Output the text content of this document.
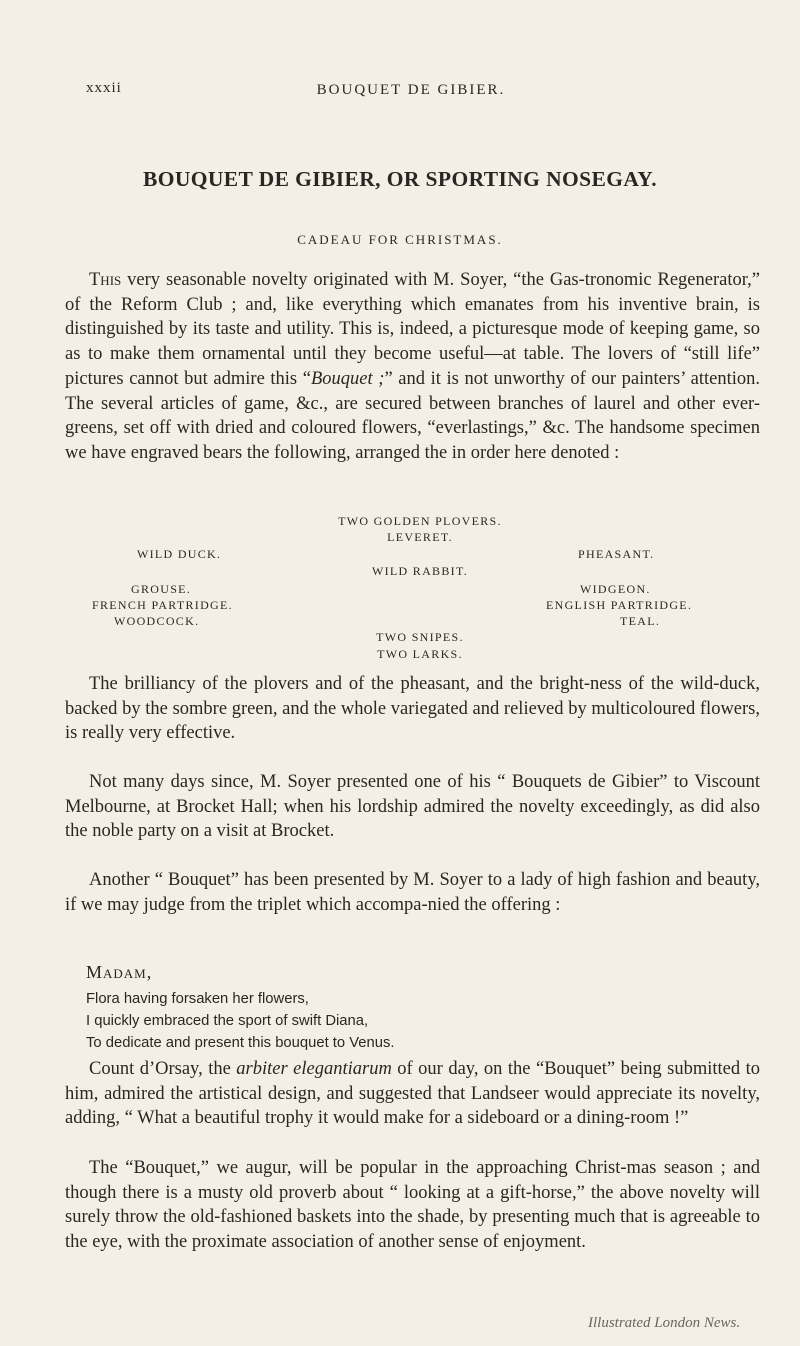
xxxii	BOUQUET DE GIBIER.
BOUQUET DE GIBIER, OR SPORTING NOSEGAY.
CADEAU FOR CHRISTMAS.

This very seasonable novelty originated with M. Soyer, “the Gas-tronomic Regenerator,” of the Reform Club ; and, like everything which emanates from his inventive brain, is distinguished by its taste and utility. This is, indeed, a picturesque mode of keeping game, so as to make them ornamental until they become useful—at table. The lovers of “still life” pictures cannot but admire this “Bouquet ;” and it is not unworthy of our painters’ attention. The several articles of game, &c., are secured between branches of laurel and other ever-greens, set off with dried and coloured flowers, “everlastings,” &c. The handsome specimen we have engraved bears the following, arranged the in order here denoted :

TWO GOLDEN PLOVERS.
LEVERET.
WILD DUCK.	PHEASANT.
WILD RABBIT.
GROUSE.	WIDGEON.
FRENCH PARTRIDGE.	ENGLISH PARTRIDGE.
WOODCOCK.	TEAL.
TWO SNIPES.
TWO LARKS.

The brilliancy of the plovers and of the pheasant, and the bright-ness of the wild-duck, backed by the sombre green, and the whole variegated and relieved by multicoloured flowers, is really very effective.

Not many days since, M. Soyer presented one of his “ Bouquets de Gibier” to Viscount Melbourne, at Brocket Hall; when his lordship admired the novelty exceedingly, as did also the noble party on a visit at Brocket.

Another “ Bouquet” has been presented by M. Soyer to a lady of high fashion and beauty, if we may judge from the triplet which accompa-nied the offering :

Madam,
Flora having forsaken her flowers,
I quickly embraced the sport of swift Diana,
To dedicate and present this bouquet to Venus.

Count d’Orsay, the arbiter elegantiarum of our day, on the “Bouquet” being submitted to him, admired the artistical design, and suggested that Landseer would appreciate its novelty, adding, “ What a beautiful trophy it would make for a sideboard or a dining-room !”

The “Bouquet,” we augur, will be popular in the approaching Christ-mas season ; and though there is a musty old proverb about “ looking at a gift-horse,” the above novelty will surely throw the old-fashioned baskets into the shade, by presenting much that is agreeable to the eye, with the proximate association of another sense of enjoyment.

Illustrated London News.
